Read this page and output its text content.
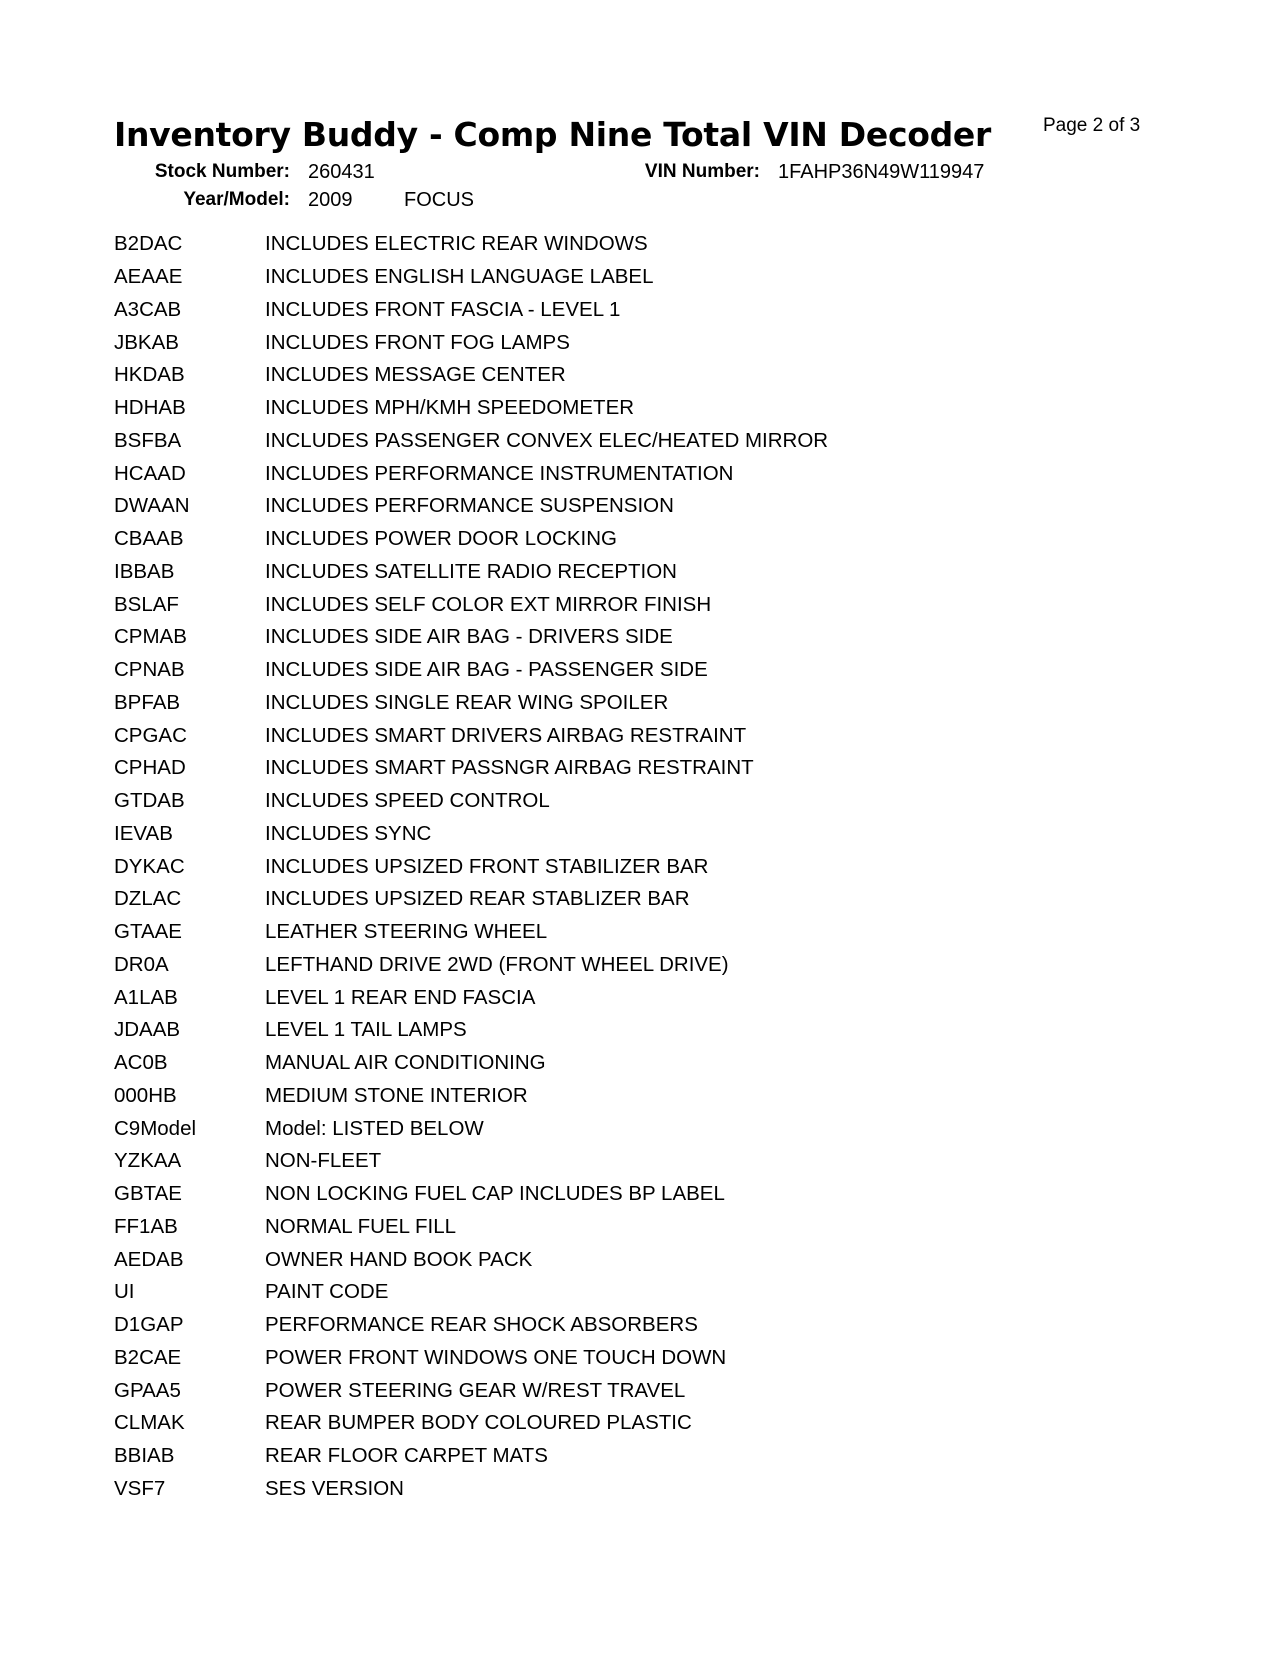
Inventory Buddy - Comp Nine Total VIN Decoder	Page 2 of 3
Stock Number: 260431	VIN Number: 1FAHP36N49W119947
Year/Model: 2009	FOCUS
B2DAC	INCLUDES ELECTRIC REAR WINDOWS
AEAAE	INCLUDES ENGLISH LANGUAGE LABEL
A3CAB	INCLUDES FRONT FASCIA - LEVEL 1
JBKAB	INCLUDES FRONT FOG LAMPS
HKDAB	INCLUDES MESSAGE CENTER
HDHAB	INCLUDES MPH/KMH SPEEDOMETER
BSFBA	INCLUDES PASSENGER CONVEX ELEC/HEATED MIRROR
HCAAD	INCLUDES PERFORMANCE INSTRUMENTATION
DWAAN	INCLUDES PERFORMANCE SUSPENSION
CBAAB	INCLUDES POWER DOOR LOCKING
IBBAB	INCLUDES SATELLITE RADIO RECEPTION
BSLAF	INCLUDES SELF COLOR EXT MIRROR FINISH
CPMAB	INCLUDES SIDE AIR BAG - DRIVERS SIDE
CPNAB	INCLUDES SIDE AIR BAG - PASSENGER SIDE
BPFAB	INCLUDES SINGLE REAR WING SPOILER
CPGAC	INCLUDES SMART DRIVERS AIRBAG RESTRAINT
CPHAD	INCLUDES SMART PASSNGR AIRBAG RESTRAINT
GTDAB	INCLUDES SPEED CONTROL
IEVAB	INCLUDES SYNC
DYKAC	INCLUDES UPSIZED FRONT STABILIZER BAR
DZLAC	INCLUDES UPSIZED REAR STABLIZER BAR
GTAAE	LEATHER STEERING WHEEL
DR0A	LEFTHAND DRIVE 2WD (FRONT WHEEL DRIVE)
A1LAB	LEVEL 1 REAR END FASCIA
JDAAB	LEVEL 1 TAIL LAMPS
AC0B	MANUAL AIR CONDITIONING
000HB	MEDIUM STONE INTERIOR
C9Model	Model: LISTED BELOW
YZKAA	NON-FLEET
GBTAE	NON LOCKING FUEL CAP INCLUDES BP LABEL
FF1AB	NORMAL FUEL FILL
AEDAB	OWNER HAND BOOK PACK
UI	PAINT CODE
D1GAP	PERFORMANCE REAR SHOCK ABSORBERS
B2CAE	POWER FRONT WINDOWS ONE TOUCH DOWN
GPAA5	POWER STEERING GEAR W/REST TRAVEL
CLMAK	REAR BUMPER BODY COLOURED PLASTIC
BBIAB	REAR FLOOR CARPET MATS
VSF7	SES VERSION
